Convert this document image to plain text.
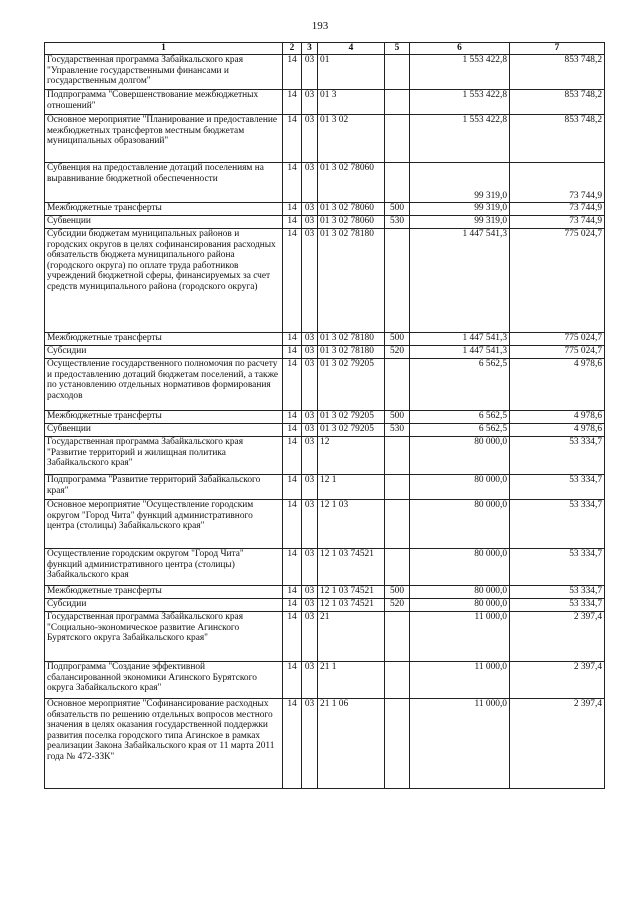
193
1	2	3	4	5	6	7
Государственная программа Забайкальского края "Управление государственными финансами и государственным долгом"	14	03	01		1 553 422,8	853 748,2
Подпрограмма "Совершенствование межбюджетных отношений"	14	03	01 3		1 553 422,8	853 748,2
Основное мероприятие "Планирование и предоставление межбюджетных трансфертов местным бюджетам муниципальных образований"	14	03	01 3 02		1 553 422,8	853 748,2
Субвенция на предоставление дотаций поселениям на выравнивание бюджетной обеспеченности	14	03	01 3 02 78060		99 319,0	73 744,9
Межбюджетные трансферты	14	03	01 3 02 78060	500	99 319,0	73 744,9
Субвенции	14	03	01 3 02 78060	530	99 319,0	73 744,9
Субсидии бюджетам муниципальных районов и городских округов в целях софинансирования расходных обязательств бюджета муниципального района (городского округа) по оплате труда работников учреждений бюджетной сферы, финансируемых за счет средств муниципального района (городского округа)	14	03	01 3 02 78180		1 447 541,3	775 024,7
Межбюджетные трансферты	14	03	01 3 02 78180	500	1 447 541,3	775 024,7
Субсидии	14	03	01 3 02 78180	520	1 447 541,3	775 024,7
Осуществление государственного полномочия по расчету и предоставлению дотаций бюджетам поселений, а также по установлению отдельных нормативов формирования расходов	14	03	01 3 02 79205		6 562,5	4 978,6
Межбюджетные трансферты	14	03	01 3 02 79205	500	6 562,5	4 978,6
Субвенции	14	03	01 3 02 79205	530	6 562,5	4 978,6
Государственная программа Забайкальского края "Развитие территорий и жилищная политика Забайкальского края"	14	03	12		80 000,0	53 334,7
Подпрограмма "Развитие территорий Забайкальского края"	14	03	12 1		80 000,0	53 334,7
Основное мероприятие "Осуществление городским округом "Город Чита" функций административного центра (столицы) Забайкальского края"	14	03	12 1 03		80 000,0	53 334,7
Осуществление городским округом "Город Чита" функций административного центра (столицы) Забайкальского края	14	03	12 1 03 74521		80 000,0	53 334,7
Межбюджетные трансферты	14	03	12 1 03 74521	500	80 000,0	53 334,7
Субсидии	14	03	12 1 03 74521	520	80 000,0	53 334,7
Государственная программа Забайкальского края "Социально-экономическое развитие Агинского Бурятского округа Забайкальского края"	14	03	21		11 000,0	2 397,4
Подпрограмма "Создание эффективной сбалансированной экономики Агинского Бурятского округа Забайкальского края"	14	03	21 1		11 000,0	2 397,4
Основное мероприятие "Софинансирование расходных обязательств по решению отдельных вопросов местного значения в целях оказания государственной поддержки развития поселка городского типа Агинское в рамках реализации Закона Забайкальского края от 11 марта 2011 года № 472-ЗЗК"	14	03	21 1 06		11 000,0	2 397,4
